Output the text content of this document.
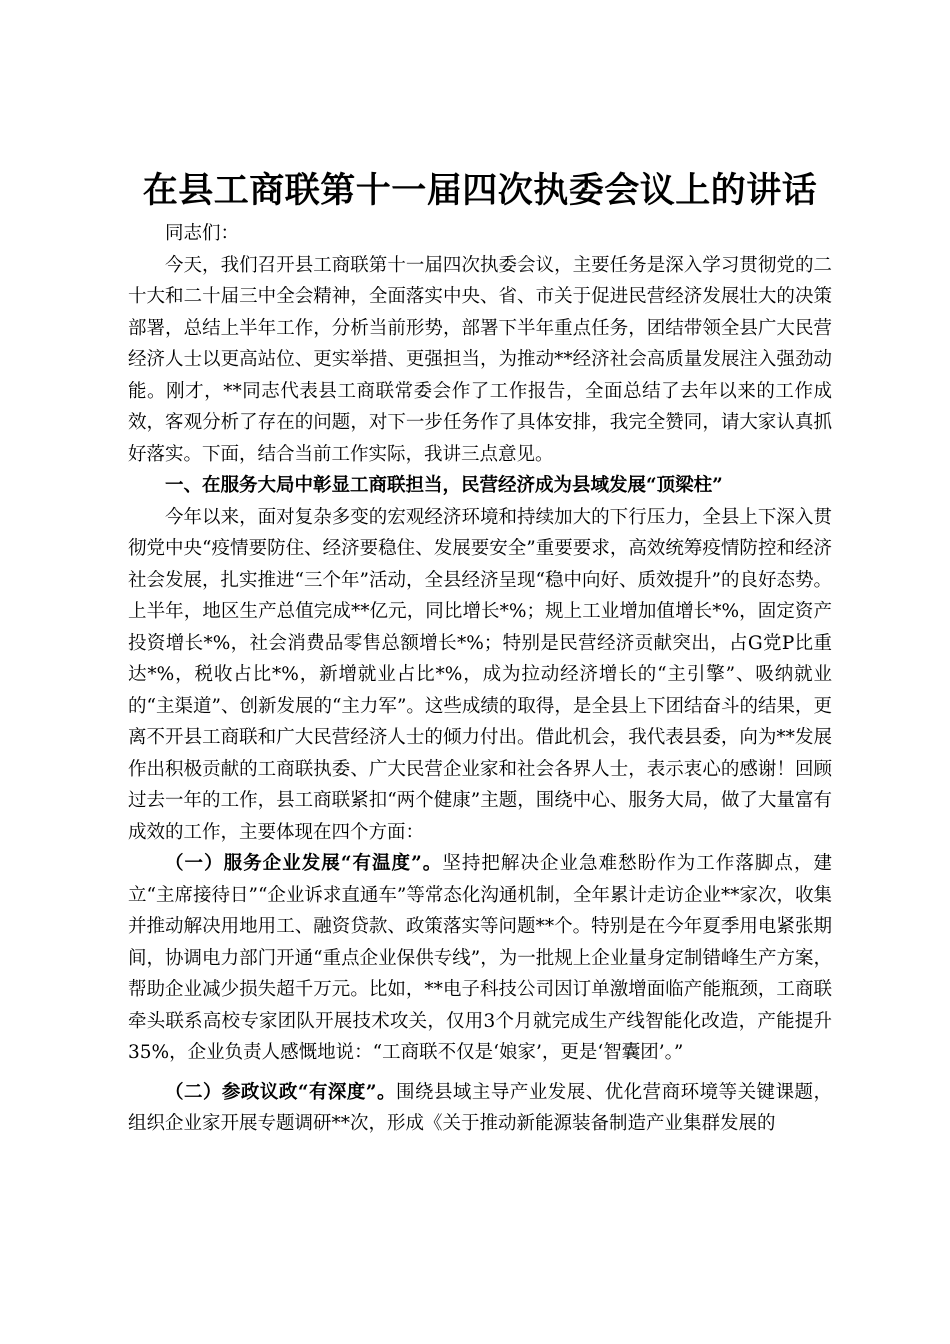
在县工商联第十一届四次执委会议上的讲话

同志们：

今天，我们召开县工商联第十一届四次执委会议，主要任务是深入学习贯彻党的二十大和二十届三中全会精神，全面落实中央、省、市关于促进民营经济发展壮大的决策部署，总结上半年工作，分析当前形势，部署下半年重点任务，团结带领全县广大民营经济人士以更高站位、更实举措、更强担当，为推动**经济社会高质量发展注入强劲动能。刚才，**同志代表县工商联常委会作了工作报告，全面总结了去年以来的工作成效，客观分析了存在的问题，对下一步任务作了具体安排，我完全赞同，请大家认真抓好落实。下面，结合当前工作实际，我讲三点意见。

一、在服务大局中彰显工商联担当，民营经济成为县域发展“顶梁柱”

今年以来，面对复杂多变的宏观经济环境和持续加大的下行压力，全县上下深入贯彻党中央“疫情要防住、经济要稳住、发展要安全”重要要求，高效统筹疫情防控和经济社会发展，扎实推进“三个年”活动，全县经济呈现“稳中向好、质效提升”的良好态势。上半年，地区生产总值完成**亿元，同比增长*%；规上工业增加值增长*%，固定资产投资增长*%，社会消费品零售总额增长*%；特别是民营经济贡献突出，占G党P比重达*%，税收占比*%，新增就业占比*%，成为拉动经济增长的“主引擎”、吸纳就业的“主渠道”、创新发展的“主力军”。这些成绩的取得，是全县上下团结奋斗的结果，更离不开县工商联和广大民营经济人士的倾力付出。借此机会，我代表县委，向为**发展作出积极贡献的工商联执委、广大民营企业家和社会各界人士，表示衷心的感谢！回顾过去一年的工作，县工商联紧扣“两个健康”主题，围绕中心、服务大局，做了大量富有成效的工作，主要体现在四个方面：

（一）服务企业发展“有温度”。坚持把解决企业急难愁盼作为工作落脚点，建立“主席接待日”“企业诉求直通车”等常态化沟通机制，全年累计走访企业**家次，收集并推动解决用地用工、融资贷款、政策落实等问题**个。特别是在今年夏季用电紧张期间，协调电力部门开通“重点企业保供专线”，为一批规上企业量身定制错峰生产方案，帮助企业减少损失超千万元。比如，**电子科技公司因订单激增面临产能瓶颈，工商联牵头联系高校专家团队开展技术攻关，仅用3个月就完成生产线智能化改造，产能提升35%，企业负责人感慨地说：“工商联不仅是‘娘家’，更是‘智囊团’。”

（二）参政议政“有深度”。围绕县域主导产业发展、优化营商环境等关键课题，组织企业家开展专题调研**次，形成《关于推动新能源装备制造产业集群发展的
